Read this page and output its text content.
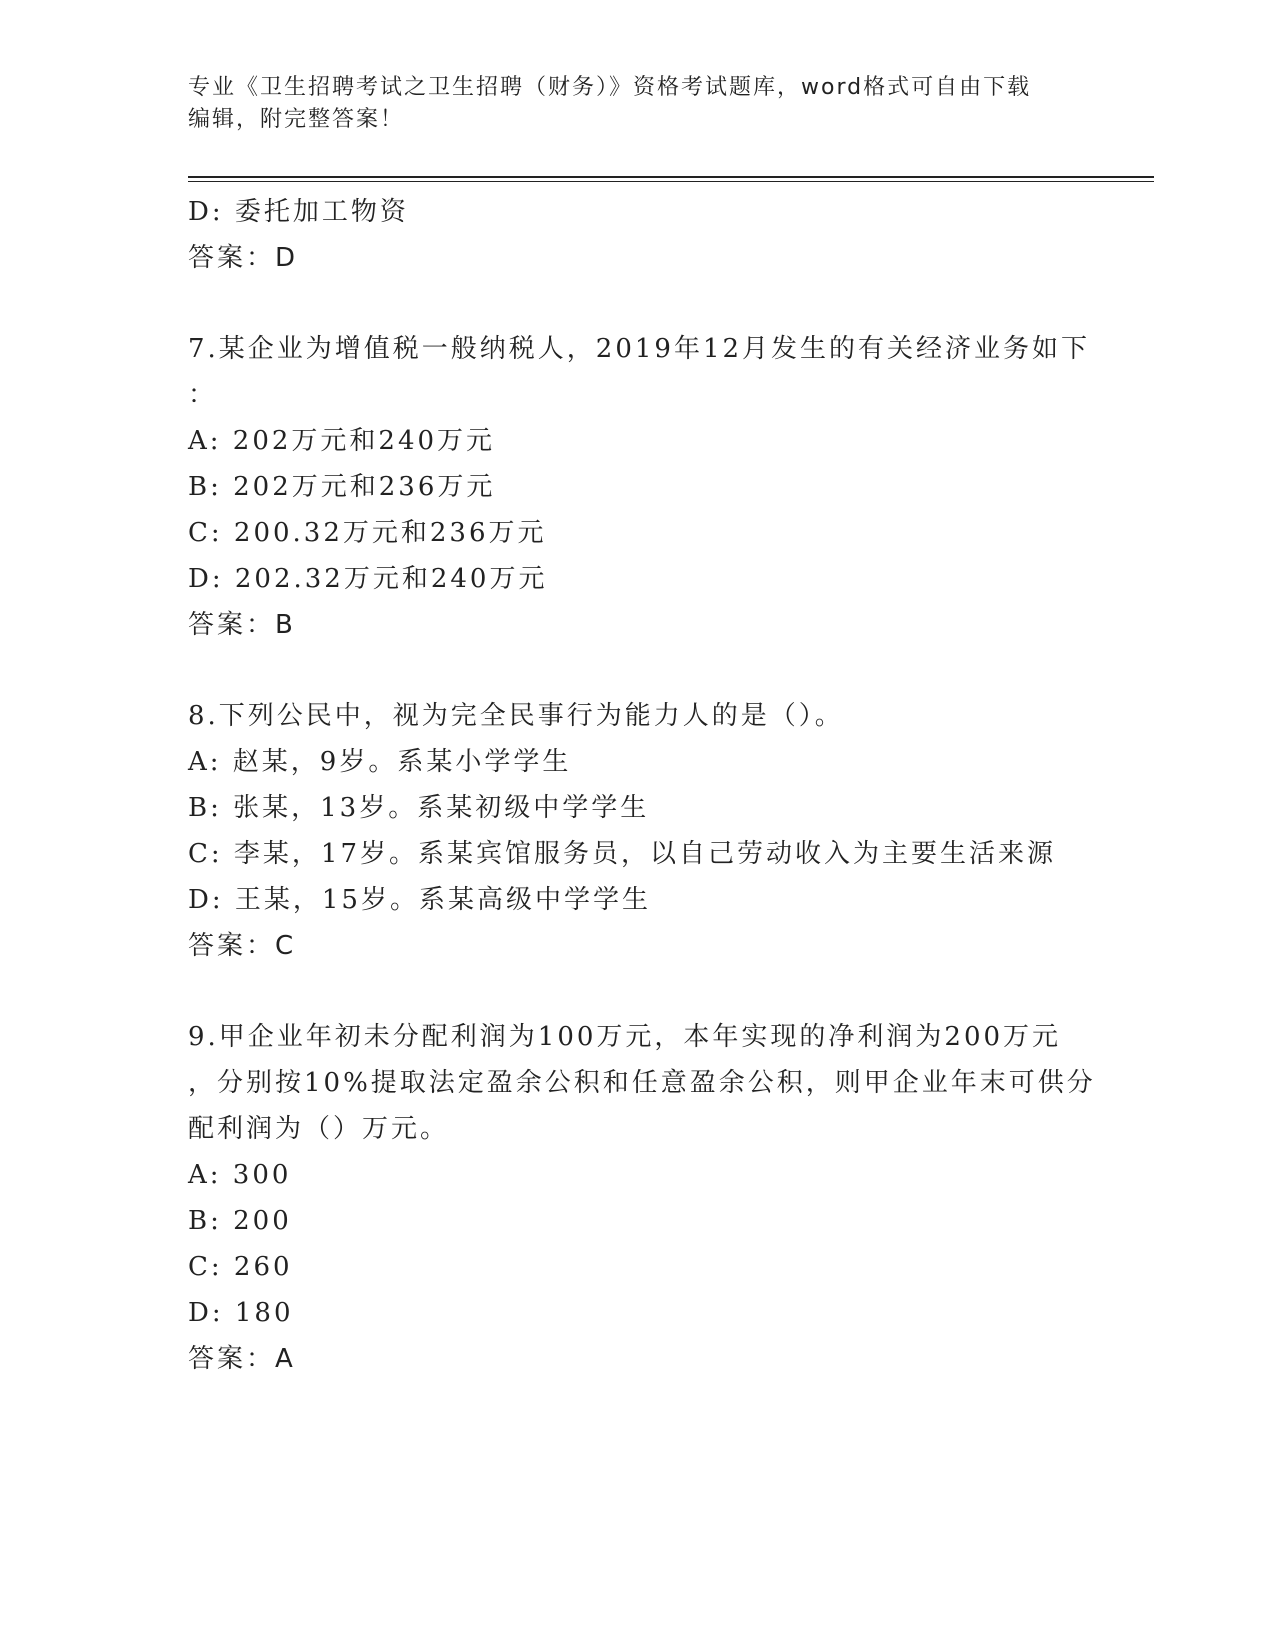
专业《卫生招聘考试之卫生招聘（财务）》资格考试题库，word格式可自由下载
编辑，附完整答案！
D: 委托加工物资
答案：D
7.某企业为增值税一般纳税人，2019年12月发生的有关经济业务如下
：
A: 202万元和240万元
B: 202万元和236万元
C: 200.32万元和236万元
D: 202.32万元和240万元
答案：B
8.下列公民中，视为完全民事行为能力人的是（）。
A: 赵某，9岁。系某小学学生
B: 张某，13岁。系某初级中学学生
C: 李某，17岁。系某宾馆服务员，以自己劳动收入为主要生活来源
D: 王某，15岁。系某高级中学学生
答案：C
9.甲企业年初未分配利润为100万元，本年实现的净利润为200万元
，分别按10%提取法定盈余公积和任意盈余公积，则甲企业年末可供分
配利润为（）万元。
A: 300
B: 200
C: 260
D: 180
答案：A
